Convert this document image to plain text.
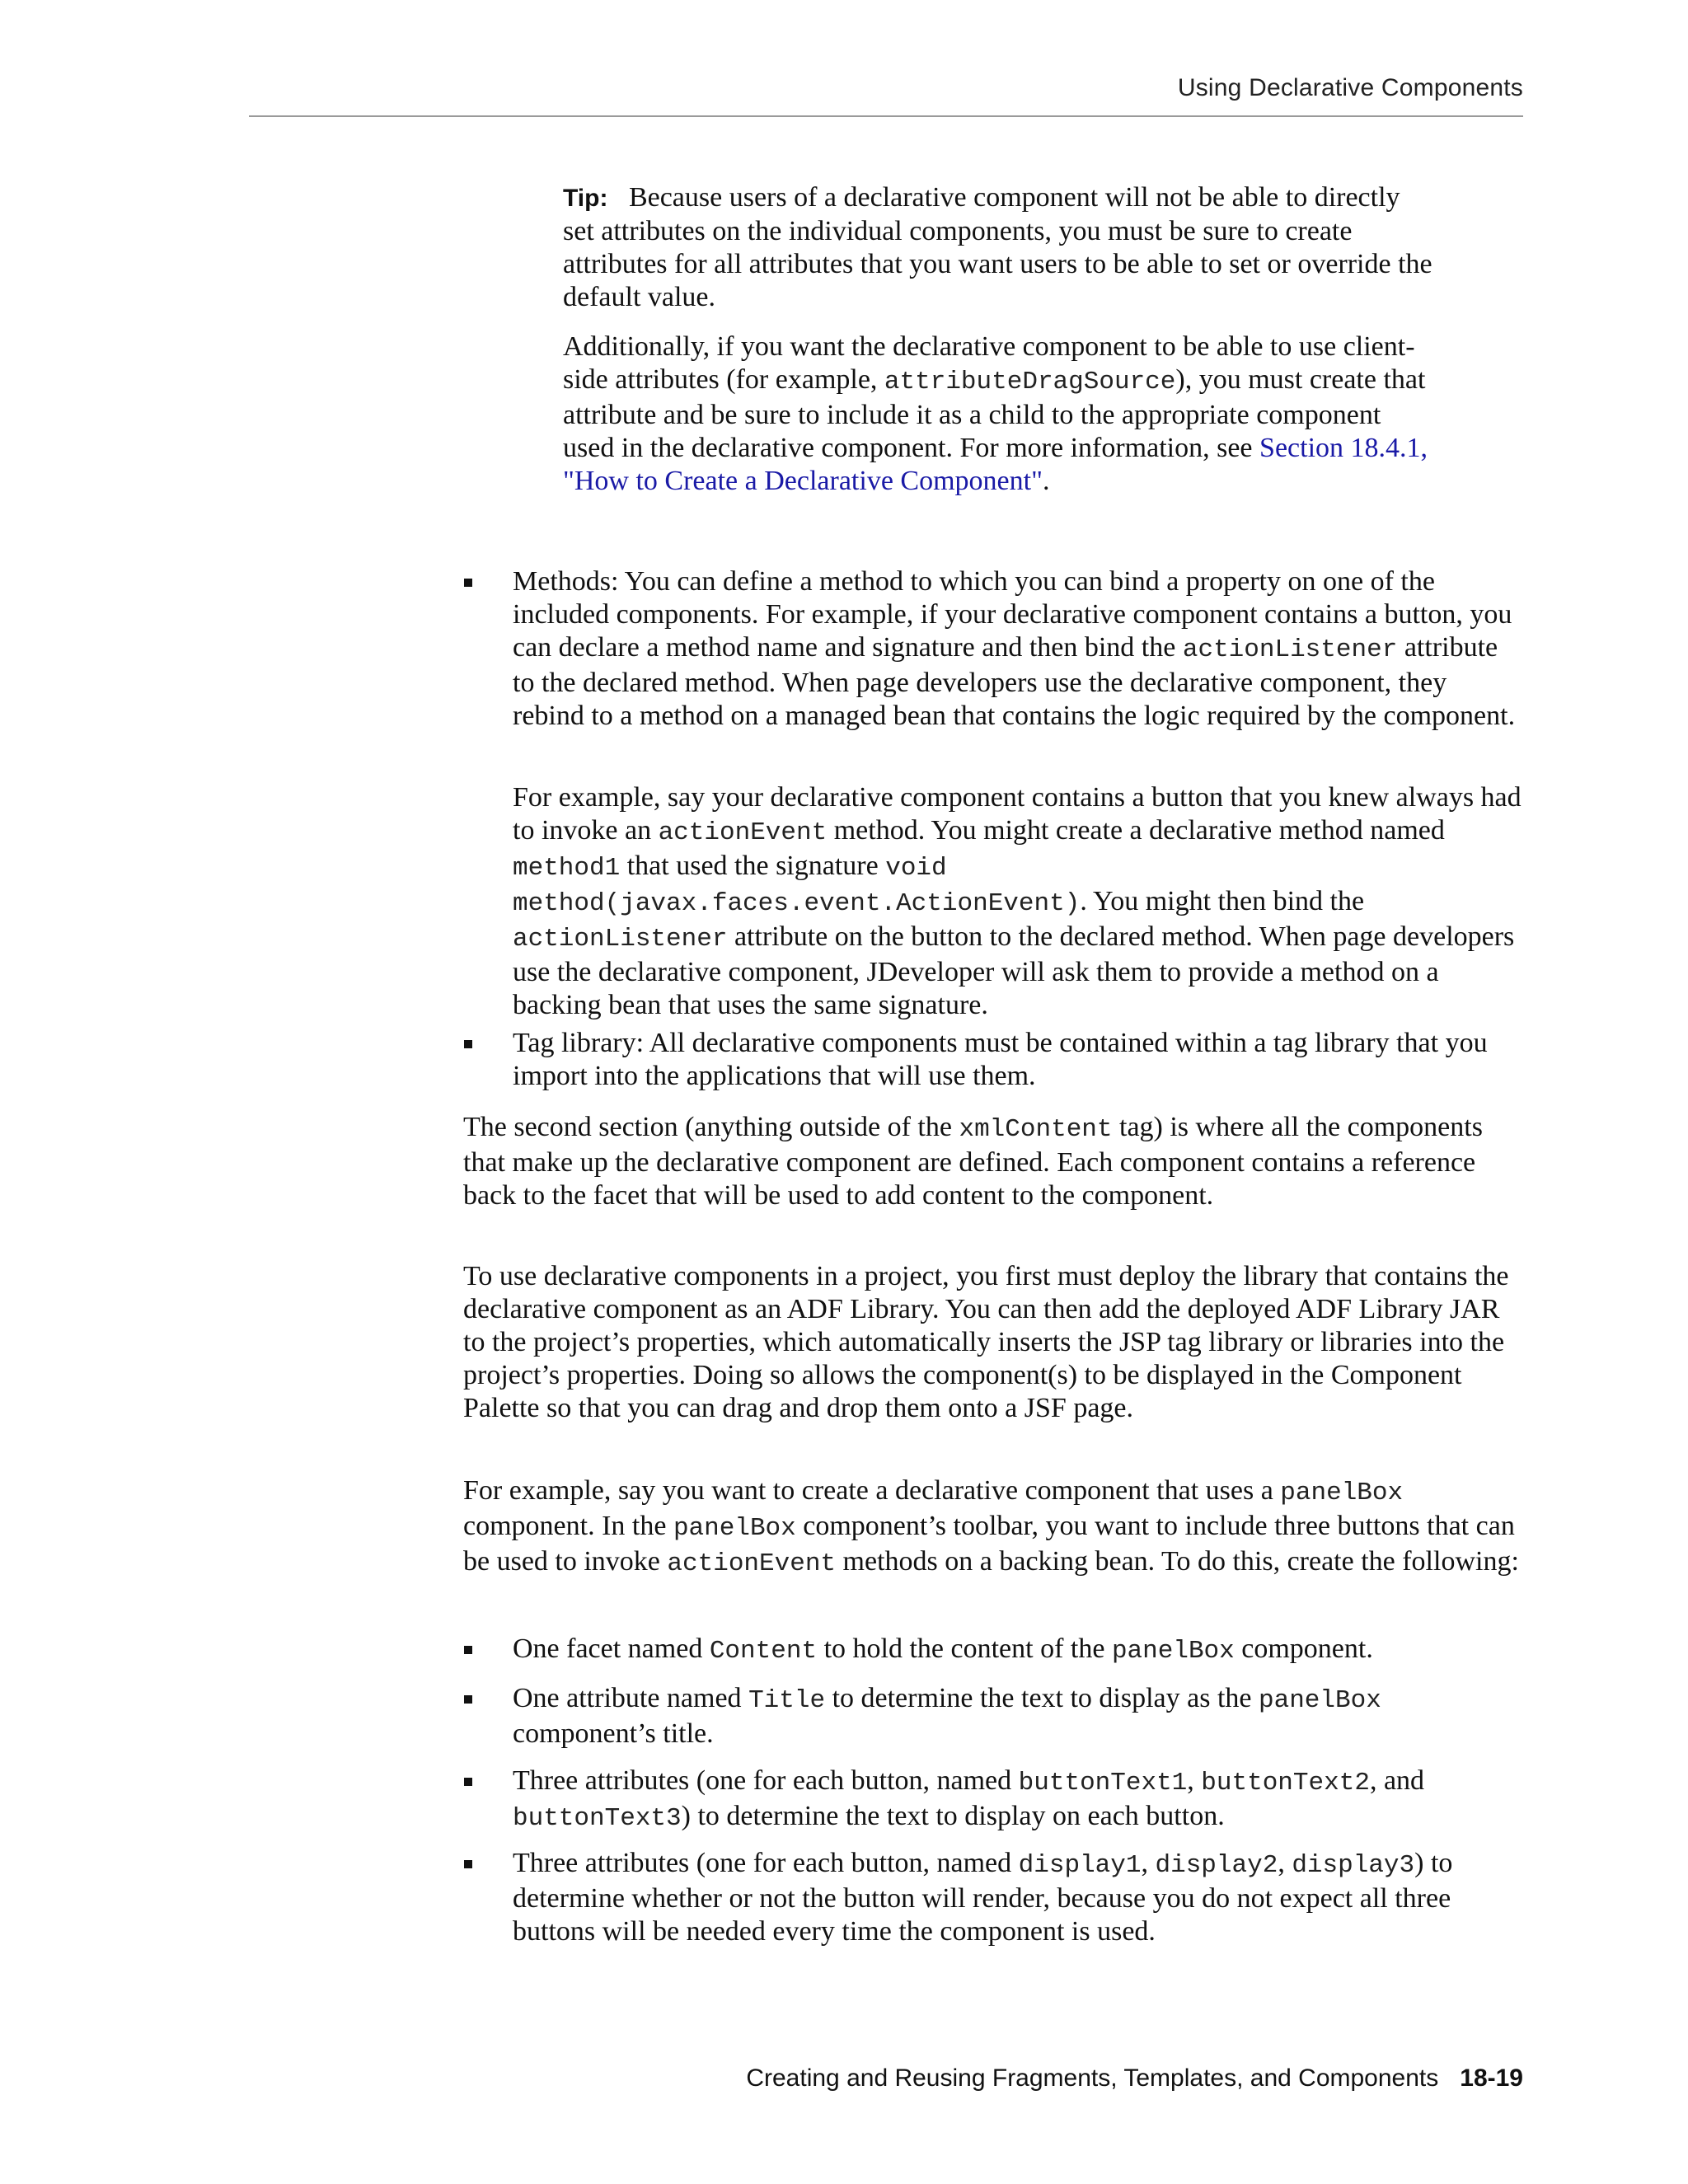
Using Declarative Components

Tip: Because users of a declarative component will not be able to directly set attributes on the individual components, you must be sure to create attributes for all attributes that you want users to be able to set or override the default value.

Additionally, if you want the declarative component to be able to use client-side attributes (for example, attributeDragSource), you must create that attribute and be sure to include it as a child to the appropriate component used in the declarative component. For more information, see Section 18.4.1, "How to Create a Declarative Component".

Methods: You can define a method to which you can bind a property on one of the included components. For example, if your declarative component contains a button, you can declare a method name and signature and then bind the actionListener attribute to the declared method. When page developers use the declarative component, they rebind to a method on a managed bean that contains the logic required by the component.

For example, say your declarative component contains a button that you knew always had to invoke an actionEvent method. You might create a declarative method named method1 that used the signature void method(javax.faces.event.ActionEvent). You might then bind the actionListener attribute on the button to the declared method. When page developers use the declarative component, JDeveloper will ask them to provide a method on a backing bean that uses the same signature.

Tag library: All declarative components must be contained within a tag library that you import into the applications that will use them.

The second section (anything outside of the xmlContent tag) is where all the components that make up the declarative component are defined. Each component contains a reference back to the facet that will be used to add content to the component.

To use declarative components in a project, you first must deploy the library that contains the declarative component as an ADF Library. You can then add the deployed ADF Library JAR to the project’s properties, which automatically inserts the JSP tag library or libraries into the project’s properties. Doing so allows the component(s) to be displayed in the Component Palette so that you can drag and drop them onto a JSF page.

For example, say you want to create a declarative component that uses a panelBox component. In the panelBox component’s toolbar, you want to include three buttons that can be used to invoke actionEvent methods on a backing bean. To do this, create the following:

One facet named Content to hold the content of the panelBox component.

One attribute named Title to determine the text to display as the panelBox component’s title.

Three attributes (one for each button, named buttonText1, buttonText2, and buttonText3) to determine the text to display on each button.

Three attributes (one for each button, named display1, display2, display3) to determine whether or not the button will render, because you do not expect all three buttons will be needed every time the component is used.

Creating and Reusing Fragments, Templates, and Components 18-19
